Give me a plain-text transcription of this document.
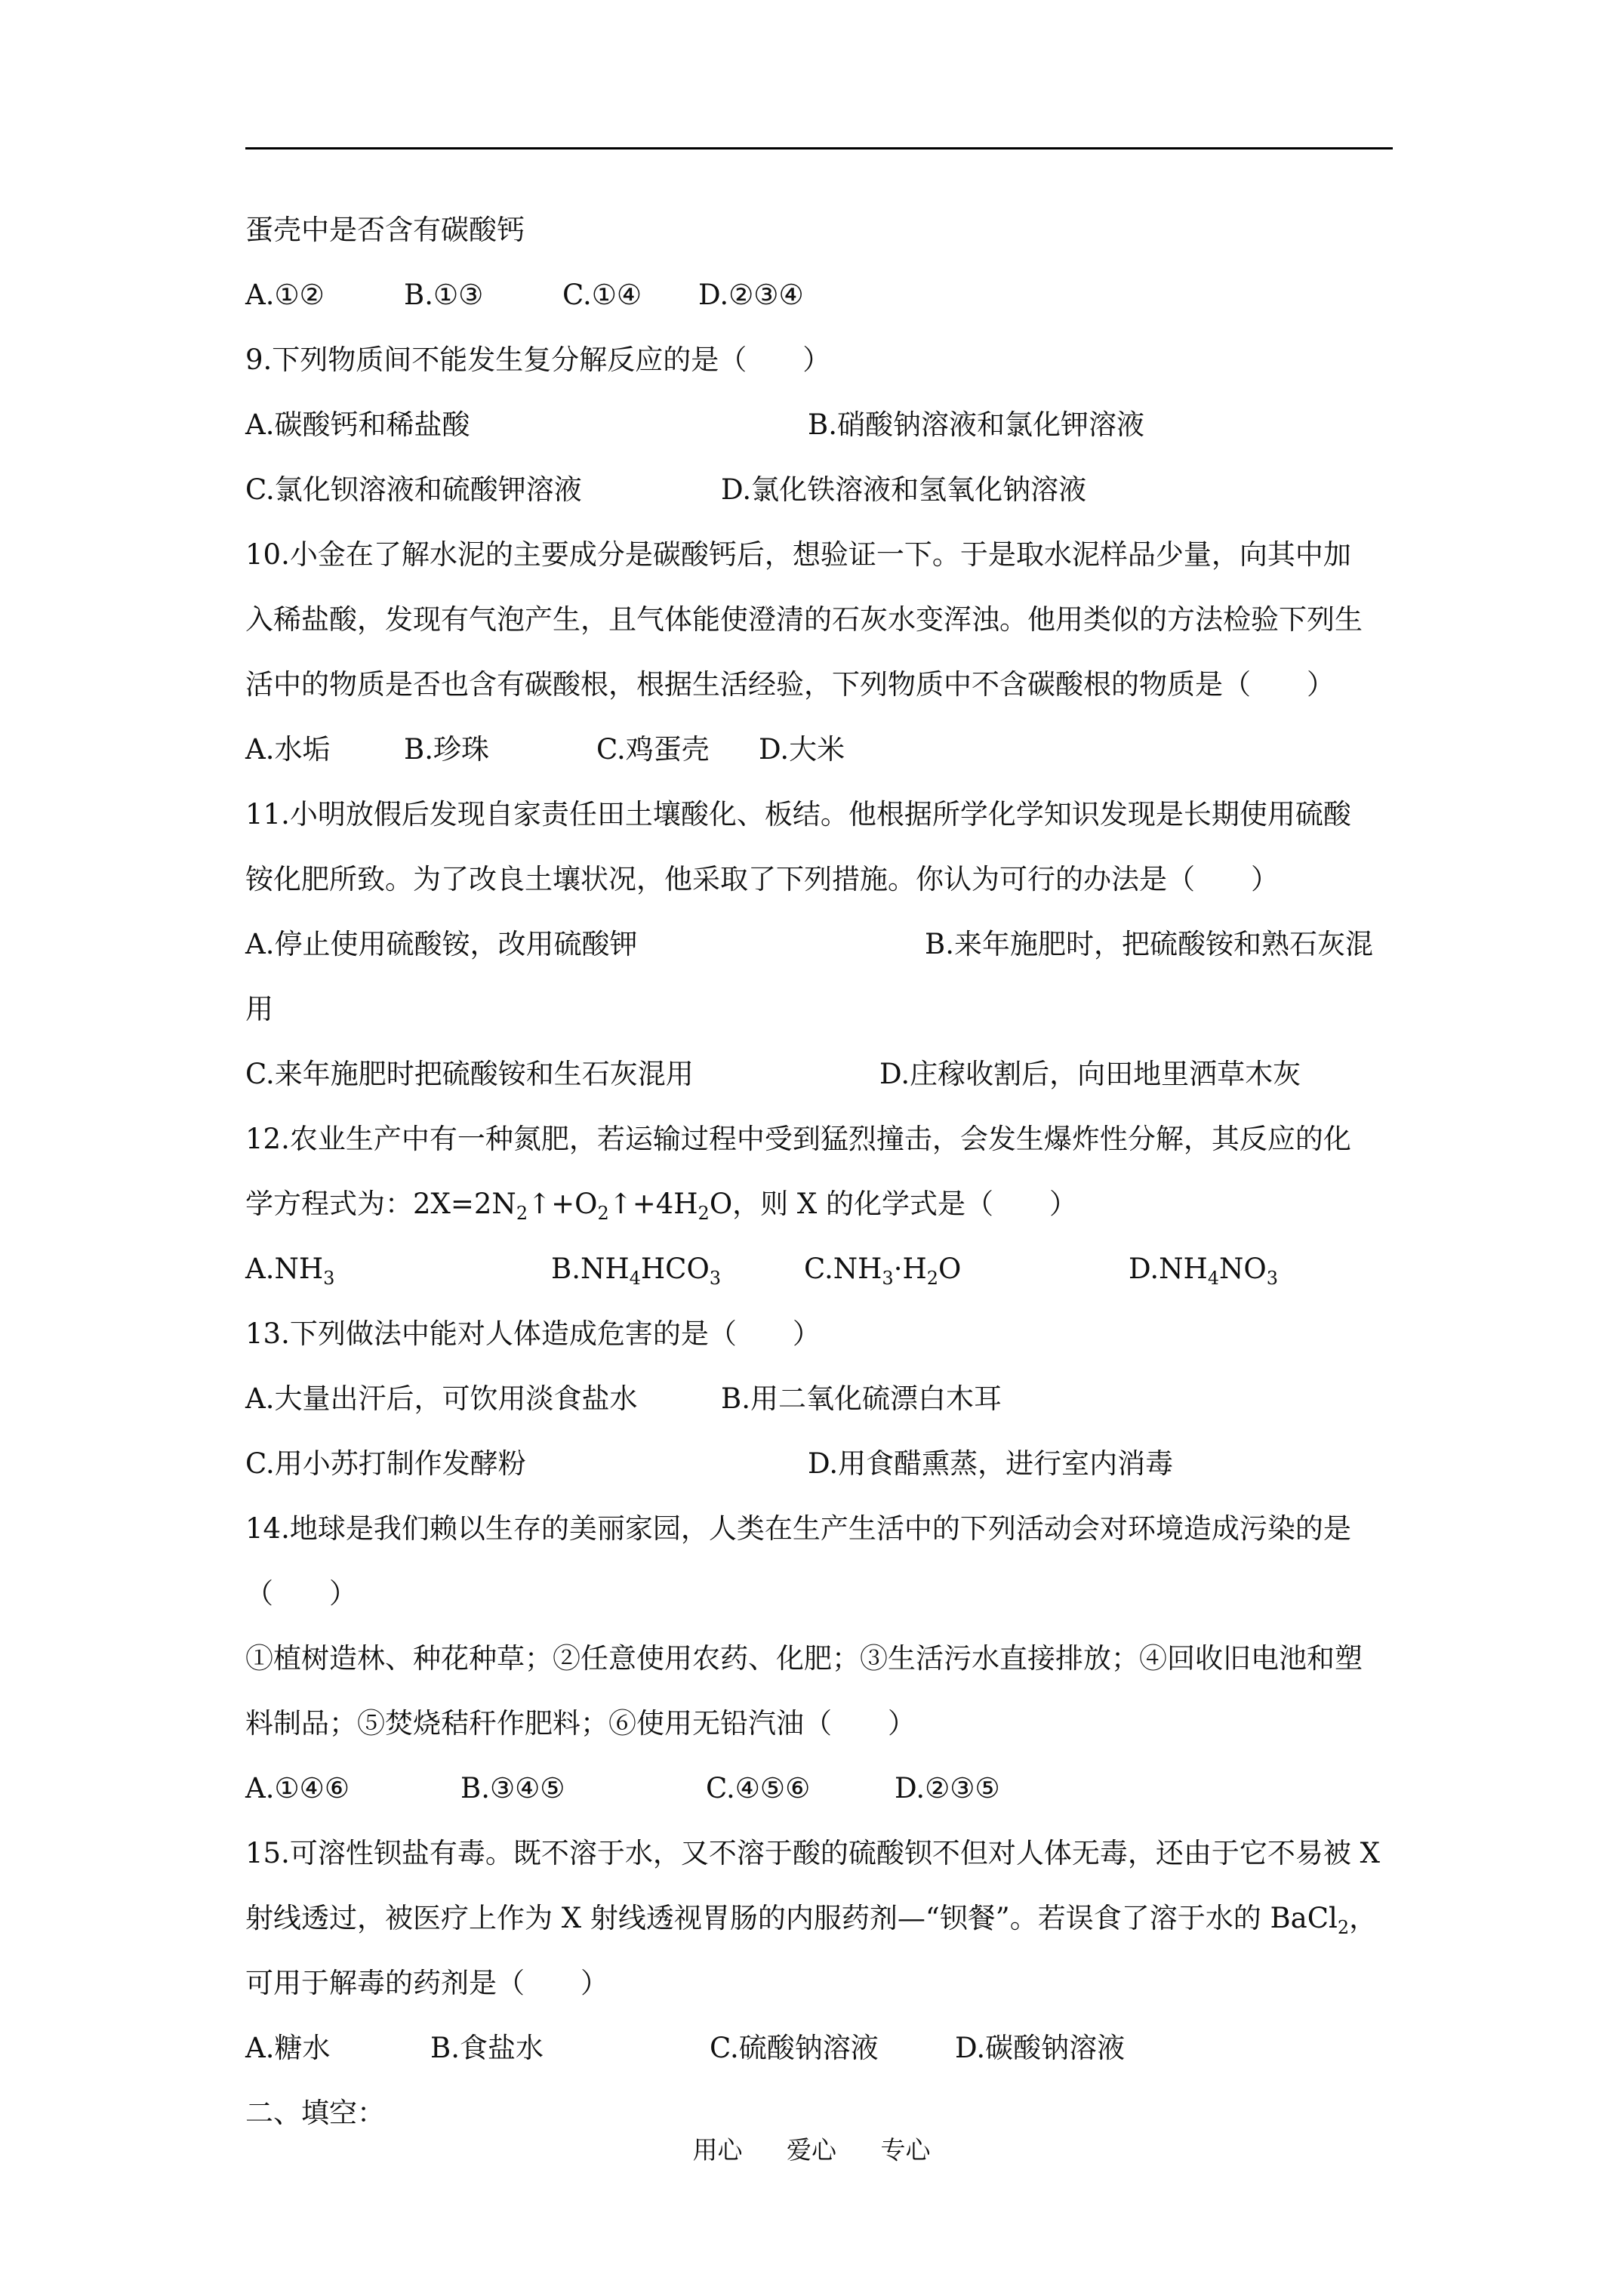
蛋壳中是否含有碳酸钙
A.①②	B.①③	C.①④	D.②③④
9.下列物质间不能发生复分解反应的是（　　）
A.碳酸钙和稀盐酸	B.硝酸钠溶液和氯化钾溶液
C.氯化钡溶液和硫酸钾溶液	D.氯化铁溶液和氢氧化钠溶液
10.小金在了解水泥的主要成分是碳酸钙后，想验证一下。于是取水泥样品少量，向其中加
入稀盐酸，发现有气泡产生，且气体能使澄清的石灰水变浑浊。他用类似的方法检验下列生
活中的物质是否也含有碳酸根，根据生活经验，下列物质中不含碳酸根的物质是（　　）
A.水垢	B.珍珠	C.鸡蛋壳	D.大米
11.小明放假后发现自家责任田土壤酸化、板结。他根据所学化学知识发现是长期使用硫酸
铵化肥所致。为了改良土壤状况，他采取了下列措施。你认为可行的办法是（　　）
A.停止使用硫酸铵，改用硫酸钾	B.来年施肥时，把硫酸铵和熟石灰混
用
C.来年施肥时把硫酸铵和生石灰混用	D.庄稼收割后，向田地里洒草木灰
12.农业生产中有一种氮肥，若运输过程中受到猛烈撞击，会发生爆炸性分解，其反应的化
学方程式为：$2X=2N_2↑+O_2↑+4H_2O$，则 X 的化学式是（　　）
$A.NH_3$	$B.NH_4HCO_3$	$C.NH_3\cdot H_2O$	$D.NH_4NO_3$
13.下列做法中能对人体造成危害的是（　　）
A.大量出汗后，可饮用淡食盐水	B.用二氧化硫漂白木耳
C.用小苏打制作发酵粉	D.用食醋熏蒸，进行室内消毒
14.地球是我们赖以生存的美丽家园，人类在生产生活中的下列活动会对环境造成污染的是
（　　）
①植树造林、种花种草；②任意使用农药、化肥；③生活污水直接排放；④回收旧电池和塑
料制品；⑤焚烧秸秆作肥料；⑥使用无铅汽油（　　）
A.①④⑥	B.③④⑤	C.④⑤⑥	D.②③⑤
15.可溶性钡盐有毒。既不溶于水，又不溶于酸的硫酸钡不但对人体无毒，还由于它不易被 X
射线透过，被医疗上作为 X 射线透视胃肠的内服药剂—“钡餐”。若误食了溶于水的 BaCl$_2$，
可用于解毒的药剂是（　　）
A.糖水	B.食盐水	C.硫酸钠溶液	D.碳酸钠溶液
二、填空：
用心 爱心 专心
